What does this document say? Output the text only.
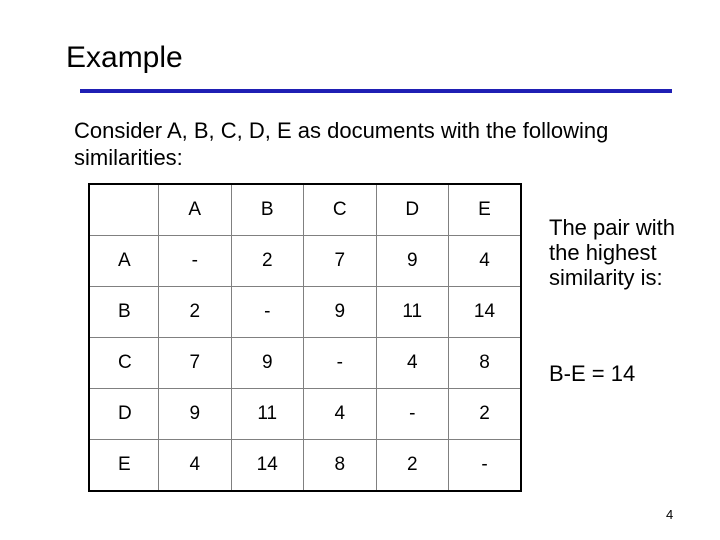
Example
Consider A, B, C, D, E as documents with the following similarities:
	A	B	C	D	E
A	-	2	7	9	4
B	2	-	9	11	14
C	7	9	-	4	8
D	9	11	4	-	2
E	4	14	8	2	-
The pair with the highest similarity is:
B-E = 14
4
